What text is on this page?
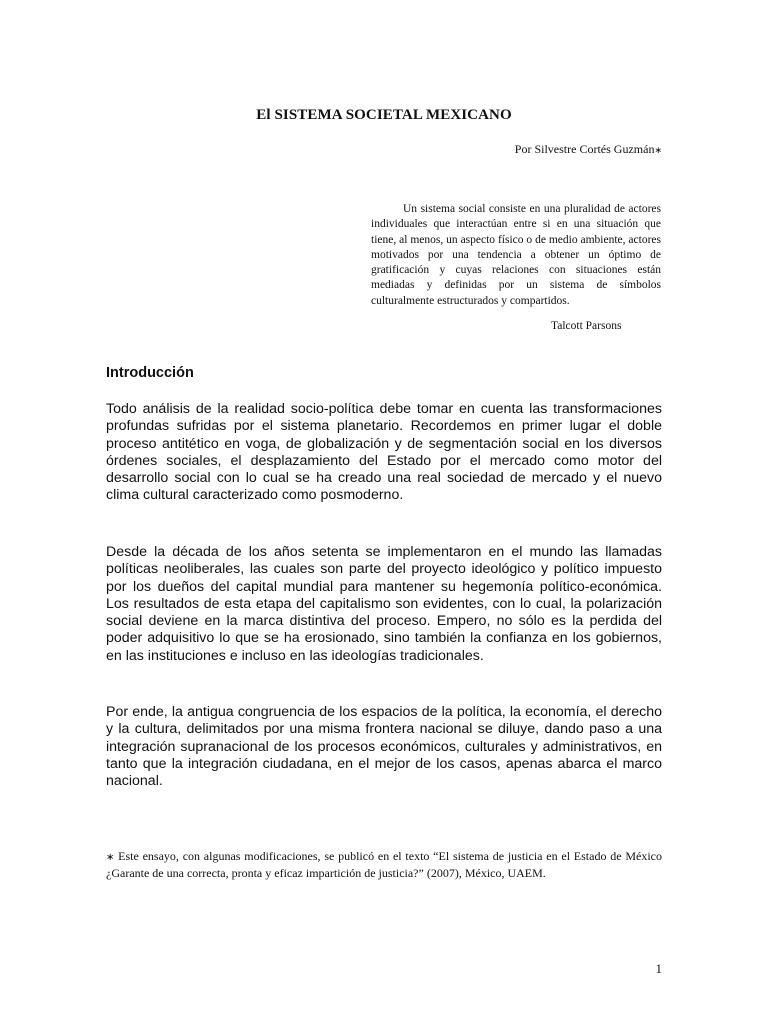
El SISTEMA SOCIETAL MEXICANO
Por Silvestre Cortés Guzmán∗
Un sistema social consiste en una pluralidad de actores individuales que interactúan entre si en una situación que tiene, al menos, un aspecto físico o de medio ambiente, actores motivados por una tendencia a obtener un óptimo de gratificación y cuyas relaciones con situaciones están mediadas y definidas por un sistema de símbolos culturalmente estructurados y compartidos.
Talcott Parsons
Introducción

Todo análisis de la realidad socio-política debe tomar en cuenta las transformaciones profundas sufridas por el sistema planetario. Recordemos en primer lugar el doble proceso antitético en voga, de globalización y de segmentación social en los diversos órdenes sociales, el desplazamiento del Estado por el mercado como motor del desarrollo social con lo cual se ha creado una real sociedad de mercado y el nuevo clima cultural caracterizado como posmoderno.

Desde la década de los años setenta se implementaron en el mundo las llamadas políticas neoliberales, las cuales son parte del proyecto ideológico y político impuesto por los dueños del capital mundial para mantener su hegemonía político-económica. Los resultados de esta etapa del capitalismo son evidentes, con lo cual, la polarización social deviene en la marca distintiva del proceso. Empero, no sólo es la perdida del poder adquisitivo lo que se ha erosionado, sino también la confianza en los gobiernos, en las instituciones e incluso en las ideologías tradicionales.

Por ende, la antigua congruencia de los espacios de la política, la economía, el derecho y la cultura, delimitados por una misma frontera nacional se diluye, dando paso a una integración supranacional de los procesos económicos, culturales y administrativos, en tanto que la integración ciudadana, en el mejor de los casos, apenas abarca el marco nacional.

∗ Este ensayo, con algunas modificaciones, se publicó en el texto “El sistema de justicia en el Estado de México ¿Garante de una correcta, pronta y eficaz impartición de justicia?” (2007), México, UAEM.
1
